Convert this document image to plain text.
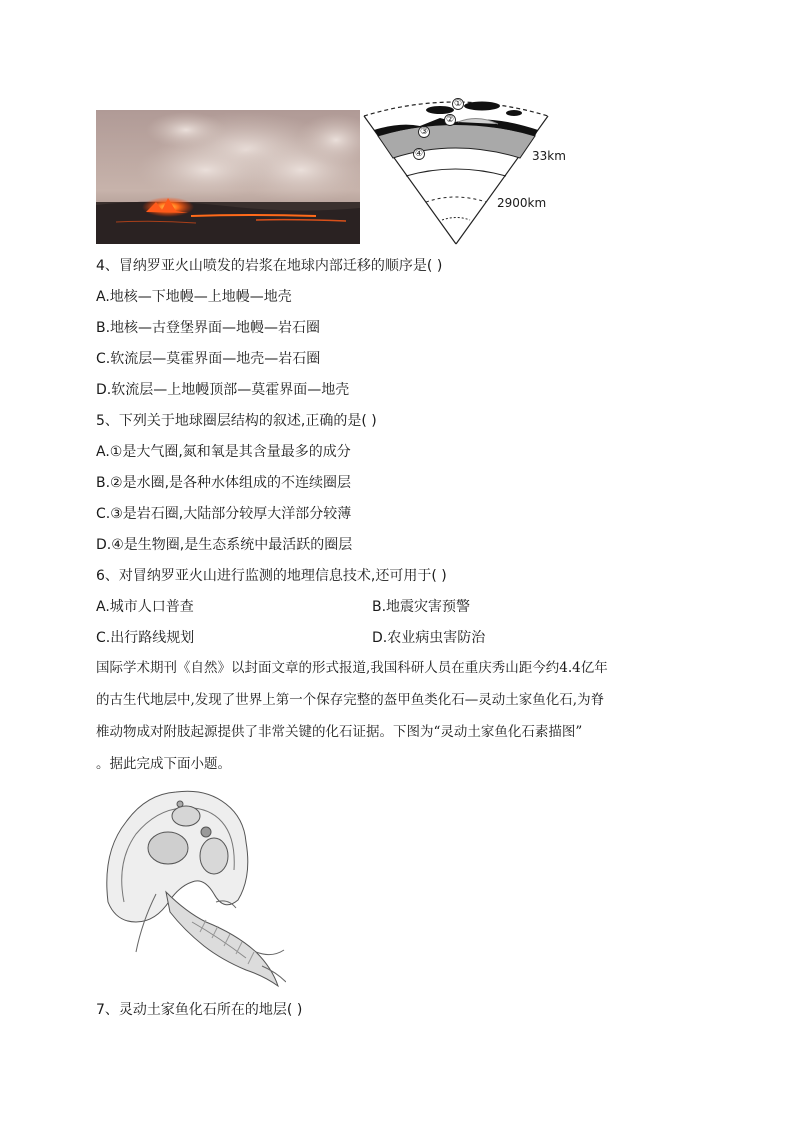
①
②
③
④	33km
2900km
4、冒纳罗亚火山喷发的岩浆在地球内部迁移的顺序是( )
A.地核—下地幔—上地幔—地壳
B.地核—古登堡界面—地幔—岩石圈
C.软流层—莫霍界面—地壳—岩石圈
D.软流层—上地幔顶部—莫霍界面—地壳
5、下列关于地球圈层结构的叙述,正确的是( )
A.①是大气圈,氮和氧是其含量最多的成分
B.②是水圈,是各种水体组成的不连续圈层
C.③是岩石圈,大陆部分较厚大洋部分较薄
D.④是生物圈,是生态系统中最活跃的圈层
6、对冒纳罗亚火山进行监测的地理信息技术,还可用于( )
A.城市人口普查	B.地震灾害预警
C.出行路线规划	D.农业病虫害防治
国际学术期刊《自然》以封面文章的形式报道,我国科研人员在重庆秀山距今约4.4亿年
的古生代地层中,发现了世界上第一个保存完整的盔甲鱼类化石—灵动土家鱼化石,为脊
椎动物成对附肢起源提供了非常关键的化石证据。下图为“灵动土家鱼化石素描图”
。据此完成下面小题。
7、灵动土家鱼化石所在的地层( )
